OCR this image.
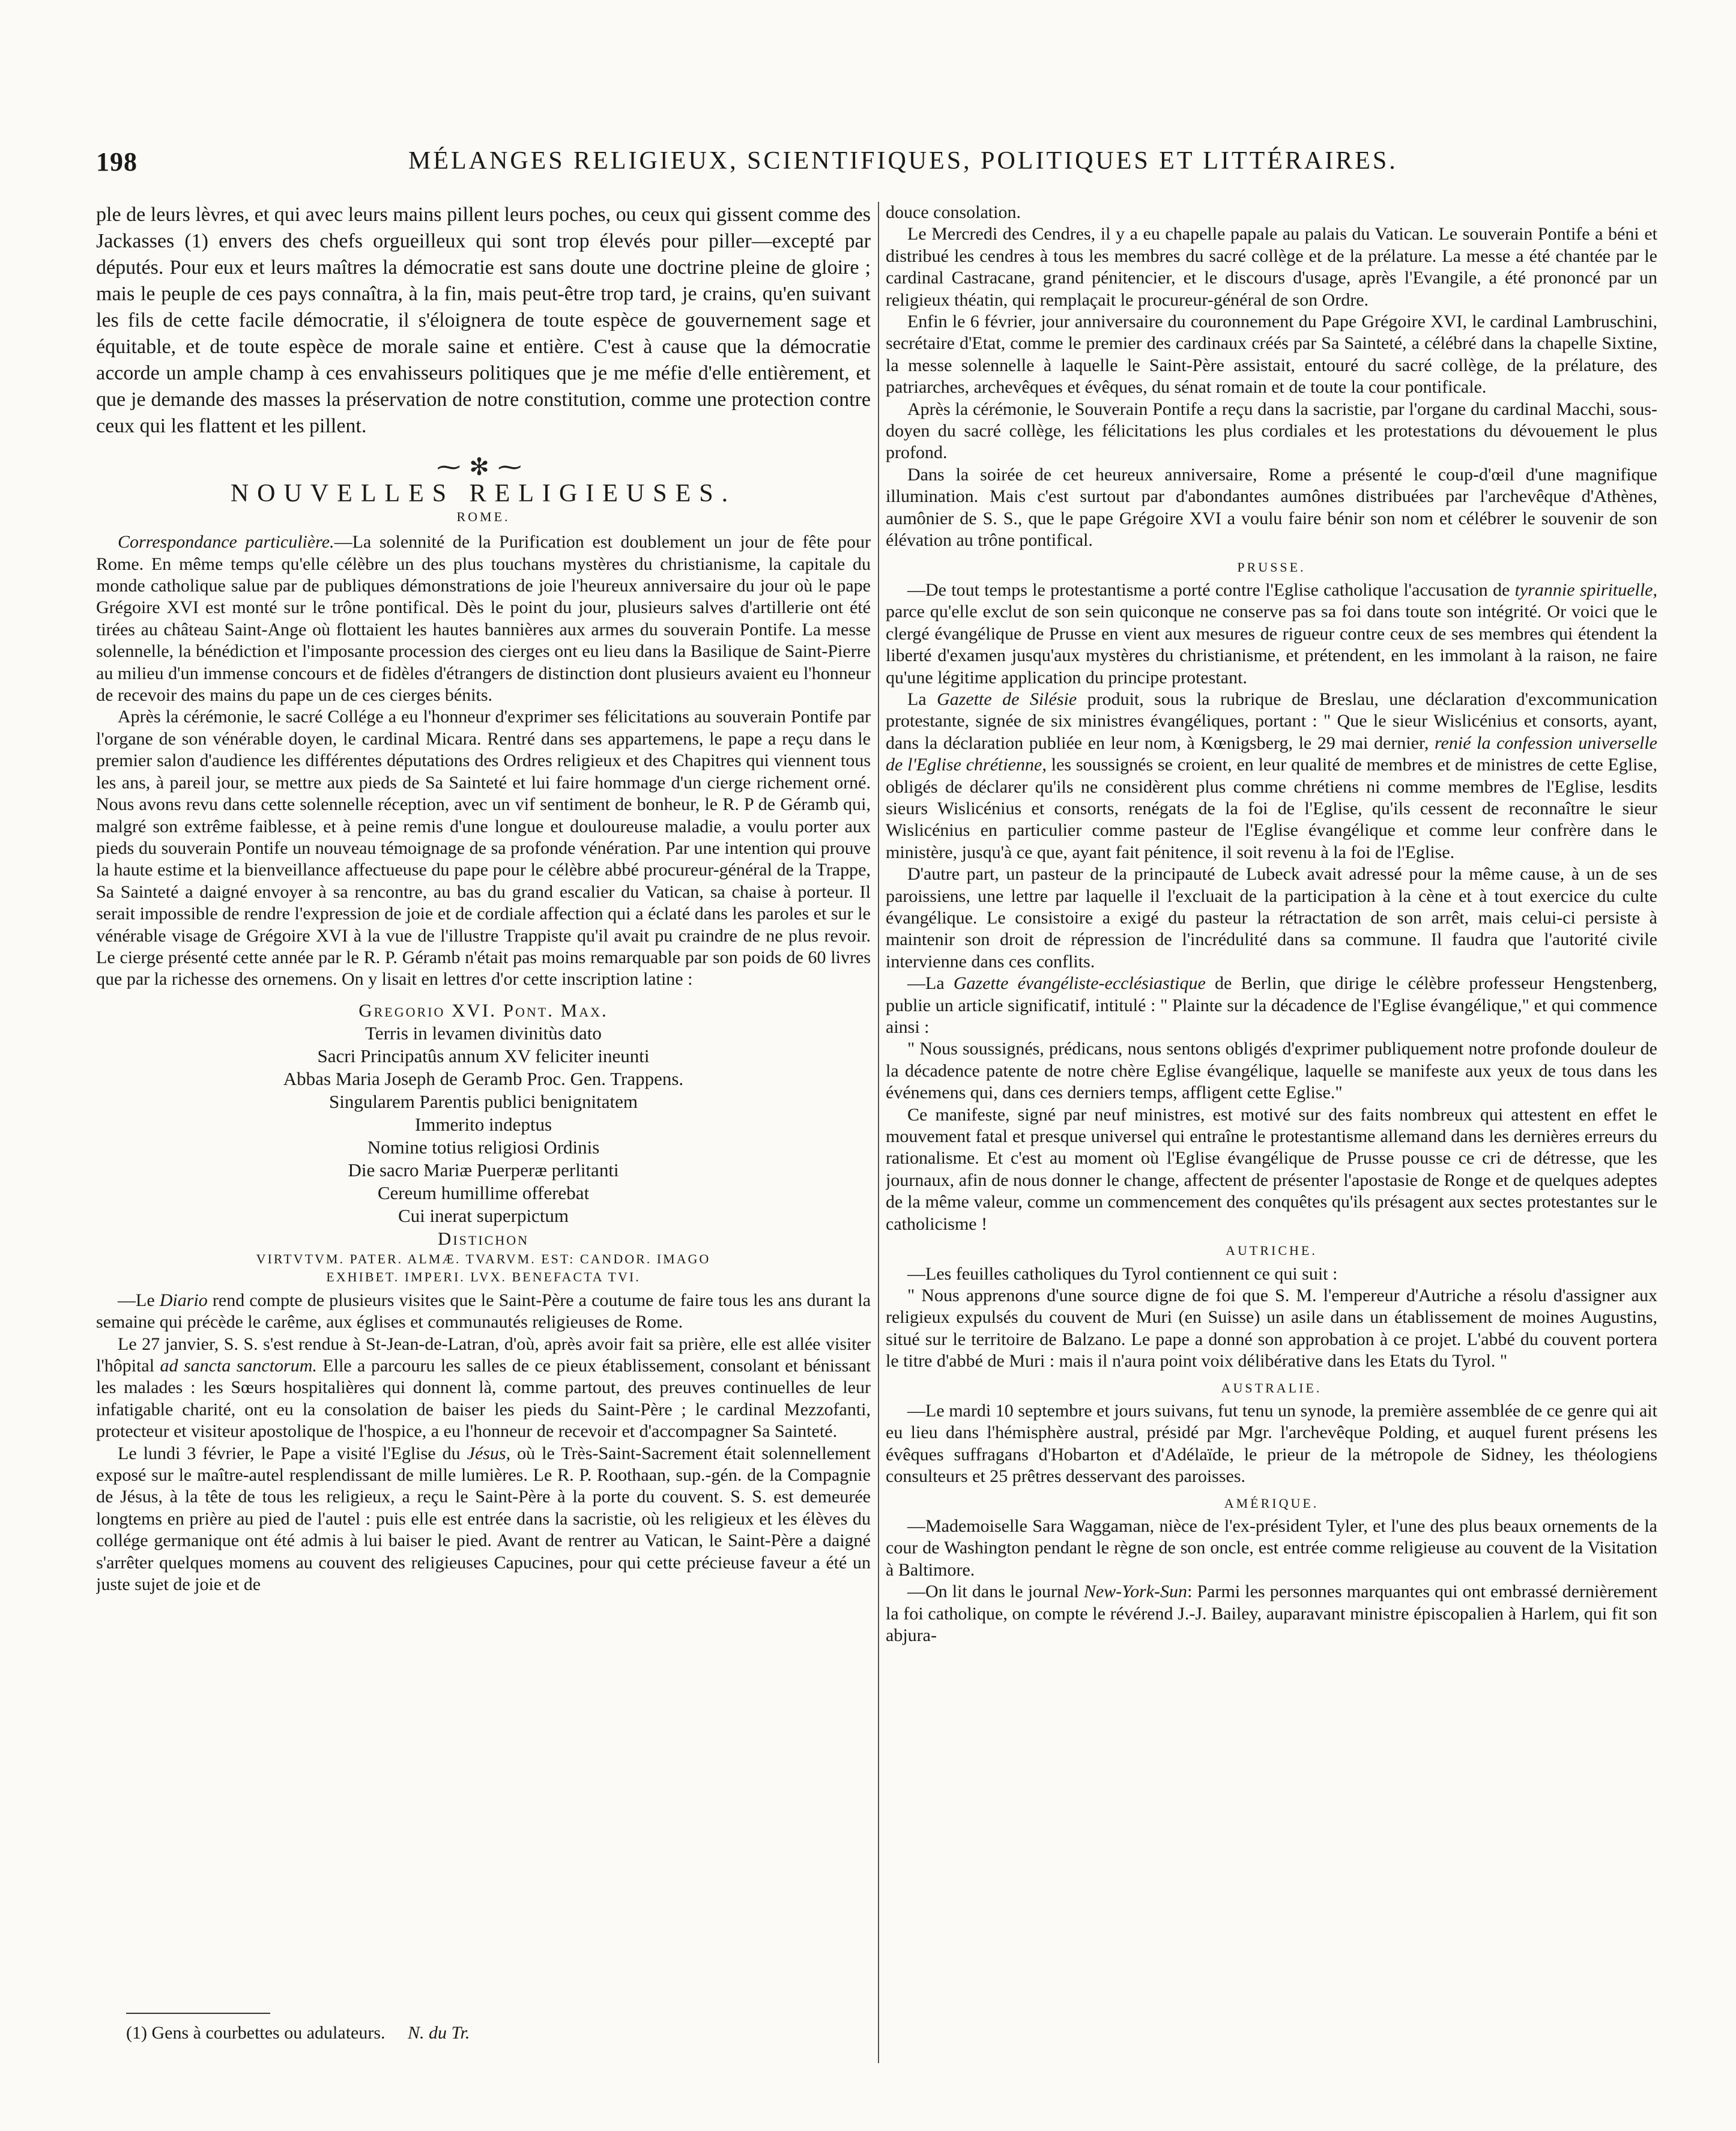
198	MÉLANGES RELIGIEUX, SCIENTIFIQUES, POLITIQUES ET LITTÉRAIRES.

ple de leurs lèvres, et qui avec leurs mains pillent leurs poches, ou ceux qui gissent comme des Jackasses (1) envers des chefs orgueilleux qui sont trop élevés pour piller—excepté par députés. Pour eux et leurs maîtres la démocratie est sans doute une doctrine pleine de gloire ; mais le peuple de ces pays connaîtra, à la fin, mais peut-être trop tard, je crains, qu'en suivant les fils de cette facile démocratie, il s'éloignera de toute espèce de gouvernement sage et équitable, et de toute espèce de morale saine et entière. C'est à cause que la démocratie accorde un ample champ à ces envahisseurs politiques que je me méfie d'elle entièrement, et que je demande des masses la préservation de notre constitution, comme une protection contre ceux qui les flattent et les pillent.

⁓✻⁓
NOUVELLES RELIGIEUSES.
ROME.

Correspondance particulière.—La solennité de la Purification est doublement un jour de fête pour Rome. En même temps qu'elle célèbre un des plus touchans mystères du christianisme, la capitale du monde catholique salue par de publiques démonstrations de joie l'heureux anniversaire du jour où le pape Grégoire XVI est monté sur le trône pontifical. Dès le point du jour, plusieurs salves d'artillerie ont été tirées au château Saint-Ange où flottaient les hautes bannières aux armes du souverain Pontife. La messe solennelle, la bénédiction et l'imposante procession des cierges ont eu lieu dans la Basilique de Saint-Pierre au milieu d'un immense concours et de fidèles d'étrangers de distinction dont plusieurs avaient eu l'honneur de recevoir des mains du pape un de ces cierges bénits.

Après la cérémonie, le sacré Collége a eu l'honneur d'exprimer ses félicitations au souverain Pontife par l'organe de son vénérable doyen, le cardinal Micara. Rentré dans ses appartemens, le pape a reçu dans le premier salon d'audience les différentes députations des Ordres religieux et des Chapitres qui viennent tous les ans, à pareil jour, se mettre aux pieds de Sa Sainteté et lui faire hommage d'un cierge richement orné. Nous avons revu dans cette solennelle réception, avec un vif sentiment de bonheur, le R. P de Géramb qui, malgré son extrême faiblesse, et à peine remis d'une longue et douloureuse maladie, a voulu porter aux pieds du souverain Pontife un nouveau témoignage de sa profonde vénération. Par une intention qui prouve la haute estime et la bienveillance affectueuse du pape pour le célèbre abbé procureur-général de la Trappe, Sa Sainteté a daigné envoyer à sa rencontre, au bas du grand escalier du Vatican, sa chaise à porteur. Il serait impossible de rendre l'expression de joie et de cordiale affection qui a éclaté dans les paroles et sur le vénérable visage de Grégoire XVI à la vue de l'illustre Trappiste qu'il avait pu craindre de ne plus revoir. Le cierge présenté cette année par le R. P. Géramb n'était pas moins remarquable par son poids de 60 livres que par la richesse des ornemens. On y lisait en lettres d'or cette inscription latine :

Gregorio XVI. Pont. Max.
Terris in levamen divinitùs dato
Sacri Principatûs annum XV feliciter ineunti
Abbas Maria Joseph de Geramb Proc. Gen. Trappens.
Singularem Parentis publici benignitatem
Immerito indeptus
Nomine totius religiosi Ordinis
Die sacro Mariæ Puerperæ perlitanti
Cereum humillime offerebat
Cui inerat superpictum
Distichon
VIRTVTVM. PATER. ALMÆ. TVARVM. EST: CANDOR. IMAGO
EXHIBET. IMPERI. LVX. BENEFACTA TVI.

—Le Diario rend compte de plusieurs visites que le Saint-Père a coutume de faire tous les ans durant la semaine qui précède le carême, aux églises et communautés religieuses de Rome.

Le 27 janvier, S. S. s'est rendue à St-Jean-de-Latran, d'où, après avoir fait sa prière, elle est allée visiter l'hôpital ad sancta sanctorum. Elle a parcouru les salles de ce pieux établissement, consolant et bénissant les malades : les Sœurs hospitalières qui donnent là, comme partout, des preuves continuelles de leur infatigable charité, ont eu la consolation de baiser les pieds du Saint-Père ; le cardinal Mezzofanti, protecteur et visiteur apostolique de l'hospice, a eu l'honneur de recevoir et d'accompagner Sa Sainteté.

Le lundi 3 février, le Pape a visité l'Eglise du Jésus, où le Très-Saint-Sacrement était solennellement exposé sur le maître-autel resplendissant de mille lumières. Le R. P. Roothaan, sup.-gén. de la Compagnie de Jésus, à la tête de tous les religieux, a reçu le Saint-Père à la porte du couvent. S. S. est demeurée longtems en prière au pied de l'autel : puis elle est entrée dans la sacristie, où les religieux et les élèves du collége germanique ont été admis à lui baiser le pied. Avant de rentrer au Vatican, le Saint-Père a daigné s'arrêter quelques momens au couvent des religieuses Capucines, pour qui cette précieuse faveur a été un juste sujet de joie et de

(1) Gens à courbettes ou adulateurs. N. du Tr.

douce consolation.

Le Mercredi des Cendres, il y a eu chapelle papale au palais du Vatican. Le souverain Pontife a béni et distribué les cendres à tous les membres du sacré collège et de la prélature. La messe a été chantée par le cardinal Castracane, grand pénitencier, et le discours d'usage, après l'Evangile, a été prononcé par un religieux théatin, qui remplaçait le procureur-général de son Ordre.

Enfin le 6 février, jour anniversaire du couronnement du Pape Grégoire XVI, le cardinal Lambruschini, secrétaire d'Etat, comme le premier des cardinaux créés par Sa Sainteté, a célébré dans la chapelle Sixtine, la messe solennelle à laquelle le Saint-Père assistait, entouré du sacré collège, de la prélature, des patriarches, archevêques et évêques, du sénat romain et de toute la cour pontificale.

Après la cérémonie, le Souverain Pontife a reçu dans la sacristie, par l'organe du cardinal Macchi, sous-doyen du sacré collège, les félicitations les plus cordiales et les protestations du dévouement le plus profond.

Dans la soirée de cet heureux anniversaire, Rome a présenté le coup-d'œil d'une magnifique illumination. Mais c'est surtout par d'abondantes aumônes distribuées par l'archevêque d'Athènes, aumônier de S. S., que le pape Grégoire XVI a voulu faire bénir son nom et célébrer le souvenir de son élévation au trône pontifical.

PRUSSE.

—De tout temps le protestantisme a porté contre l'Eglise catholique l'accusation de tyrannie spirituelle, parce qu'elle exclut de son sein quiconque ne conserve pas sa foi dans toute son intégrité. Or voici que le clergé évangélique de Prusse en vient aux mesures de rigueur contre ceux de ses membres qui étendent la liberté d'examen jusqu'aux mystères du christianisme, et prétendent, en les immolant à la raison, ne faire qu'une légitime application du principe protestant.

La Gazette de Silésie produit, sous la rubrique de Breslau, une déclaration d'excommunication protestante, signée de six ministres évangéliques, portant : " Que le sieur Wislicénius et consorts, ayant, dans la déclaration publiée en leur nom, à Kœnigsberg, le 29 mai dernier, renié la confession universelle de l'Eglise chrétienne, les soussignés se croient, en leur qualité de membres et de ministres de cette Eglise, obligés de déclarer qu'ils ne considèrent plus comme chrétiens ni comme membres de l'Eglise, lesdits sieurs Wislicénius et consorts, renégats de la foi de l'Eglise, qu'ils cessent de reconnaître le sieur Wislicénius en particulier comme pasteur de l'Eglise évangélique et comme leur confrère dans le ministère, jusqu'à ce que, ayant fait pénitence, il soit revenu à la foi de l'Eglise.

D'autre part, un pasteur de la principauté de Lubeck avait adressé pour la même cause, à un de ses paroissiens, une lettre par laquelle il l'excluait de la participation à la cène et à tout exercice du culte évangélique. Le consistoire a exigé du pasteur la rétractation de son arrêt, mais celui-ci persiste à maintenir son droit de répression de l'incrédulité dans sa commune. Il faudra que l'autorité civile intervienne dans ces conflits.

—La Gazette évangéliste-ecclésiastique de Berlin, que dirige le célèbre professeur Hengstenberg, publie un article significatif, intitulé : " Plainte sur la décadence de l'Eglise évangélique," et qui commence ainsi :

" Nous soussignés, prédicans, nous sentons obligés d'exprimer publiquement notre profonde douleur de la décadence patente de notre chère Eglise évangélique, laquelle se manifeste aux yeux de tous dans les événemens qui, dans ces derniers temps, affligent cette Eglise."

Ce manifeste, signé par neuf ministres, est motivé sur des faits nombreux qui attestent en effet le mouvement fatal et presque universel qui entraîne le protestantisme allemand dans les dernières erreurs du rationalisme. Et c'est au moment où l'Eglise évangélique de Prusse pousse ce cri de détresse, que les journaux, afin de nous donner le change, affectent de présenter l'apostasie de Ronge et de quelques adeptes de la même valeur, comme un commencement des conquêtes qu'ils présagent aux sectes protestantes sur le catholicisme !

AUTRICHE.

—Les feuilles catholiques du Tyrol contiennent ce qui suit :

" Nous apprenons d'une source digne de foi que S. M. l'empereur d'Autriche a résolu d'assigner aux religieux expulsés du couvent de Muri (en Suisse) un asile dans un établissement de moines Augustins, situé sur le territoire de Balzano. Le pape a donné son approbation à ce projet. L'abbé du couvent portera le titre d'abbé de Muri : mais il n'aura point voix délibérative dans les Etats du Tyrol. "

AUSTRALIE.

—Le mardi 10 septembre et jours suivans, fut tenu un synode, la première assemblée de ce genre qui ait eu lieu dans l'hémisphère austral, présidé par Mgr. l'archevêque Polding, et auquel furent présens les évêques suffragans d'Hobarton et d'Adélaïde, le prieur de la métropole de Sidney, les théologiens consulteurs et 25 prêtres desservant des paroisses.

AMÉRIQUE.

—Mademoiselle Sara Waggaman, nièce de l'ex-président Tyler, et l'une des plus beaux ornements de la cour de Washington pendant le règne de son oncle, est entrée comme religieuse au couvent de la Visitation à Baltimore.

—On lit dans le journal New-York-Sun: Parmi les personnes marquantes qui ont embrassé dernièrement la foi catholique, on compte le révérend J.-J. Bailey, auparavant ministre épiscopalien à Harlem, qui fit son abjura-
